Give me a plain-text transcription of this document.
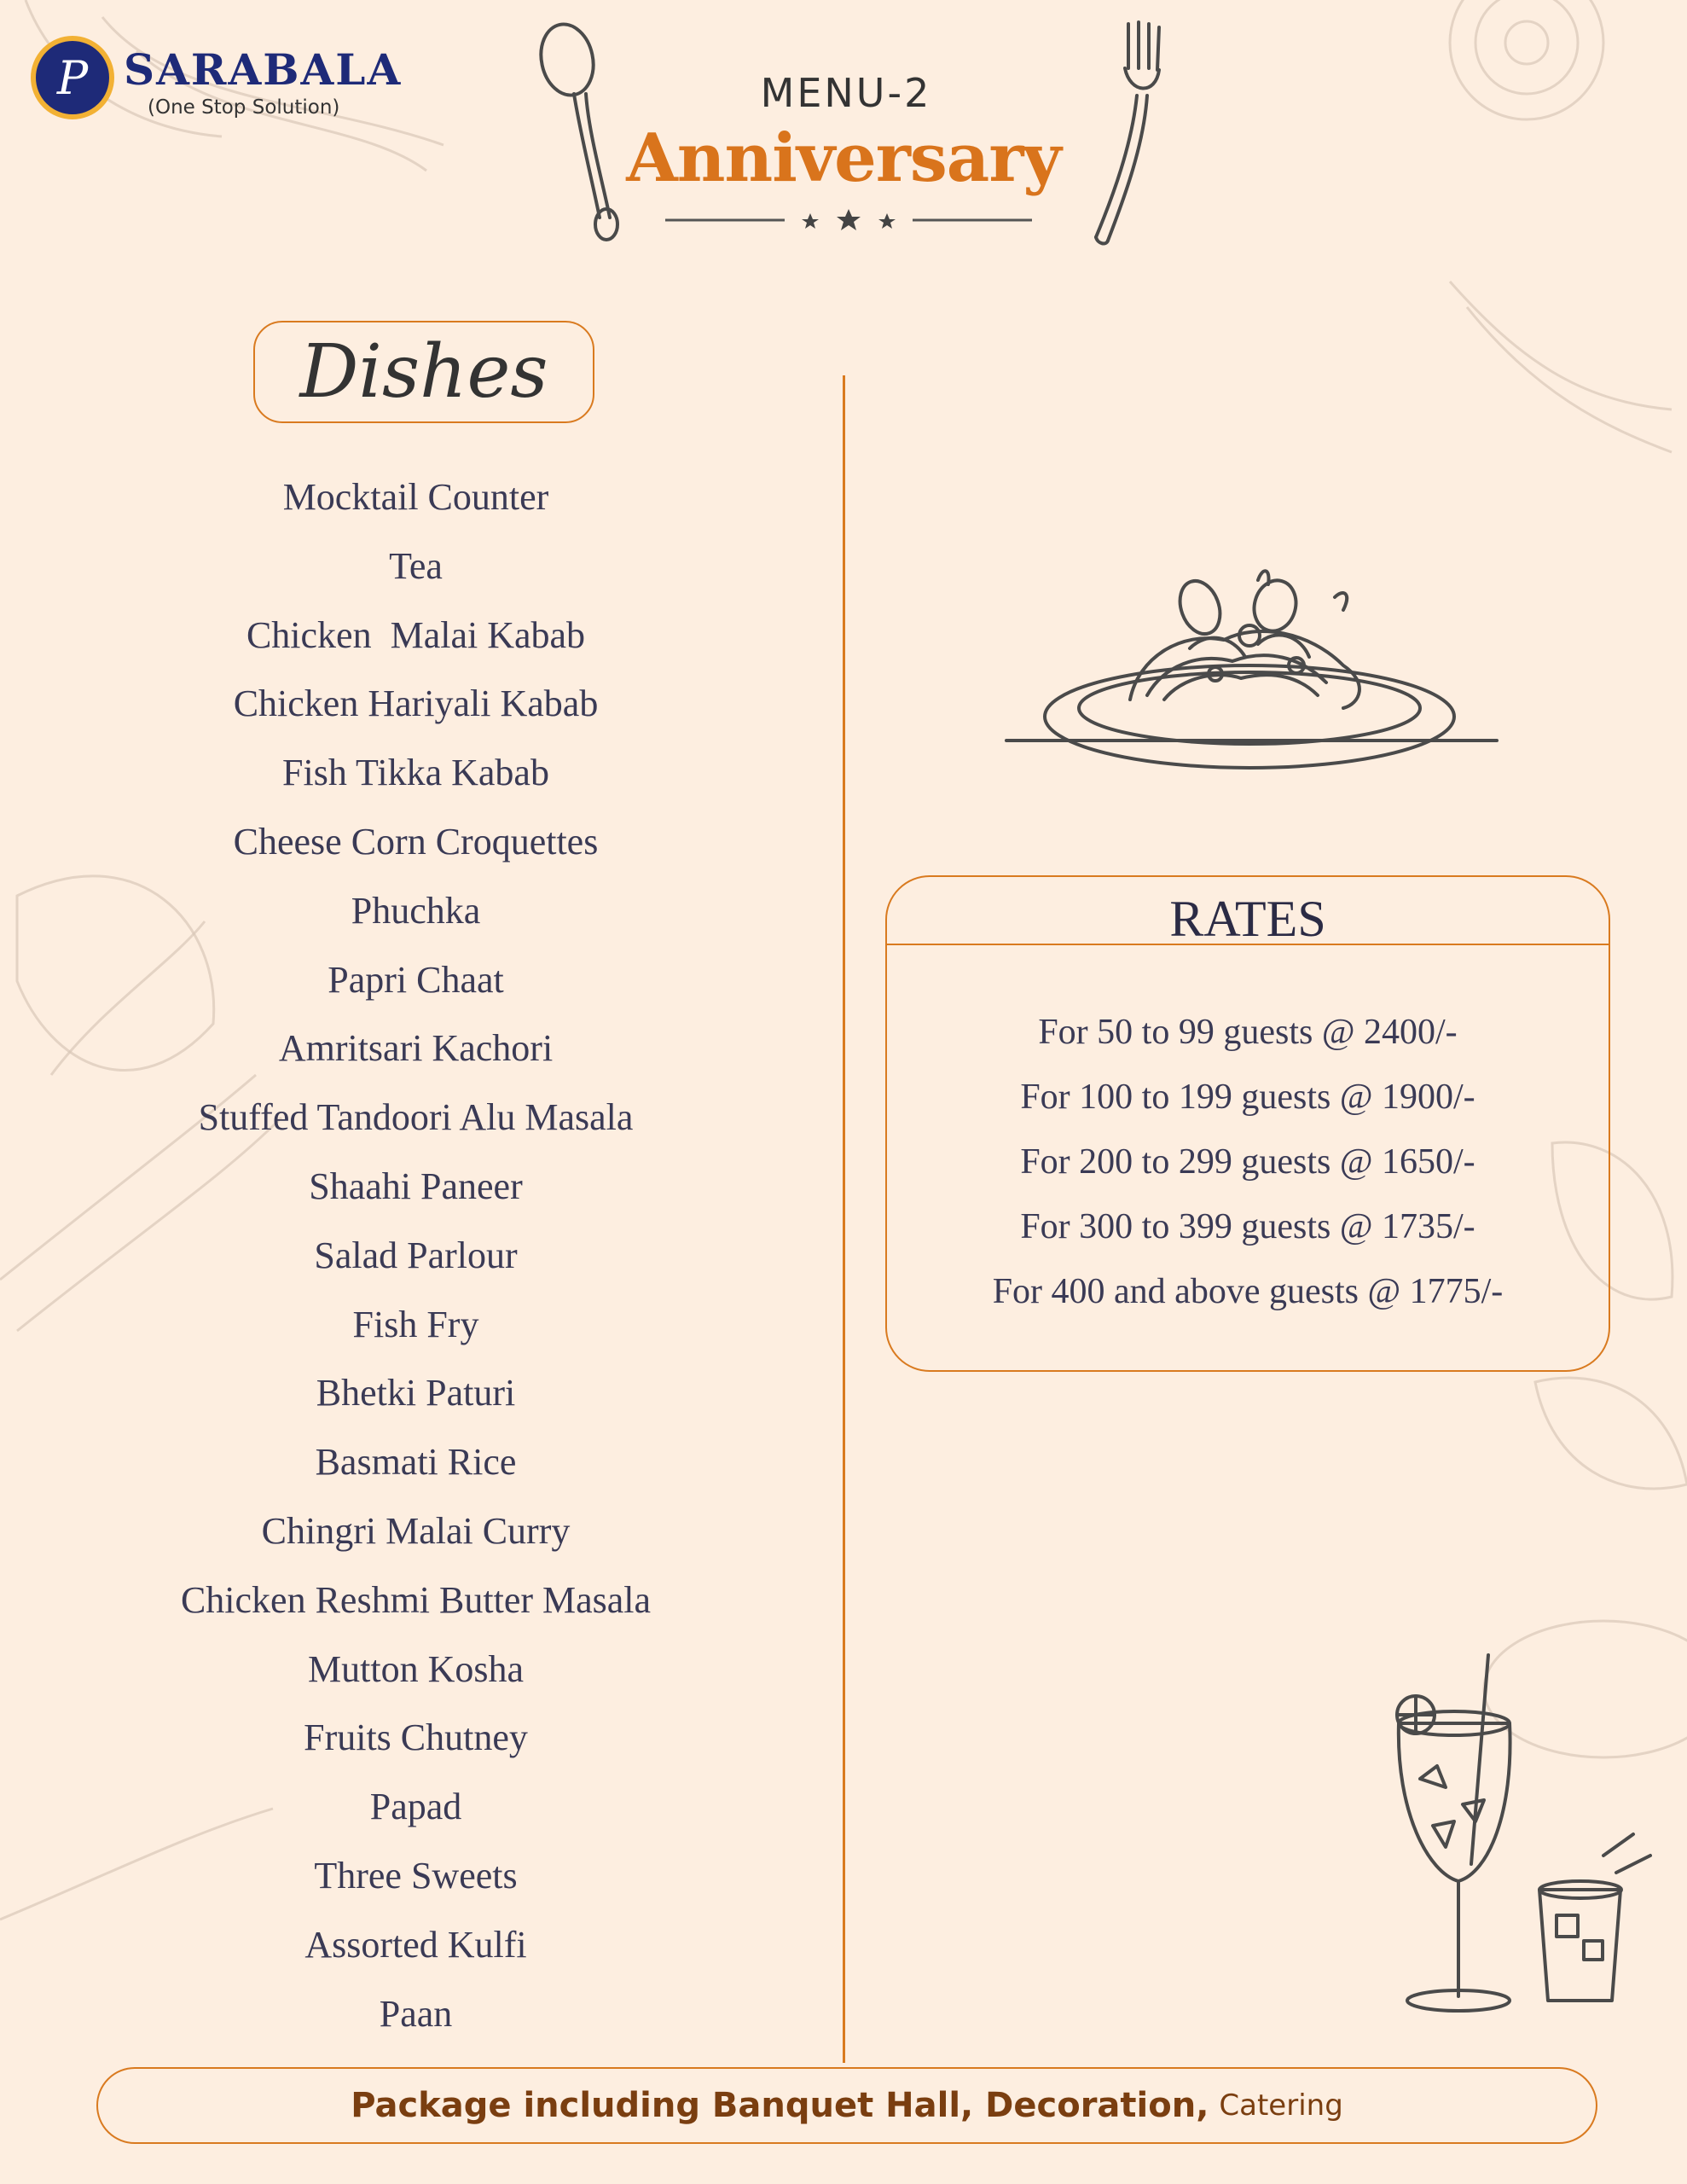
P SARABALA
(One Stop Solution)	MENU-2
Anniversary
Dishes
Mocktail Counter
Tea
Chicken  Malai Kabab
Chicken Hariyali Kabab
Fish Tikka Kabab
Cheese Corn Croquettes
Phuchka
Papri Chaat
Amritsari Kachori
Stuffed Tandoori Alu Masala
Shaahi Paneer
Salad Parlour
Fish Fry
Bhetki Paturi
Basmati Rice
Chingri Malai Curry
Chicken Reshmi Butter Masala
Mutton Kosha
Fruits Chutney
Papad
Three Sweets
Assorted Kulfi
Paan
RATES
For 50 to 99 guests @ 2400/-
For 100 to 199 guests @ 1900/-
For 200 to 299 guests @ 1650/-
For 300 to 399 guests @ 1735/-
For 400 and above guests @ 1775/-
Package including Banquet Hall, Decoration, Catering
